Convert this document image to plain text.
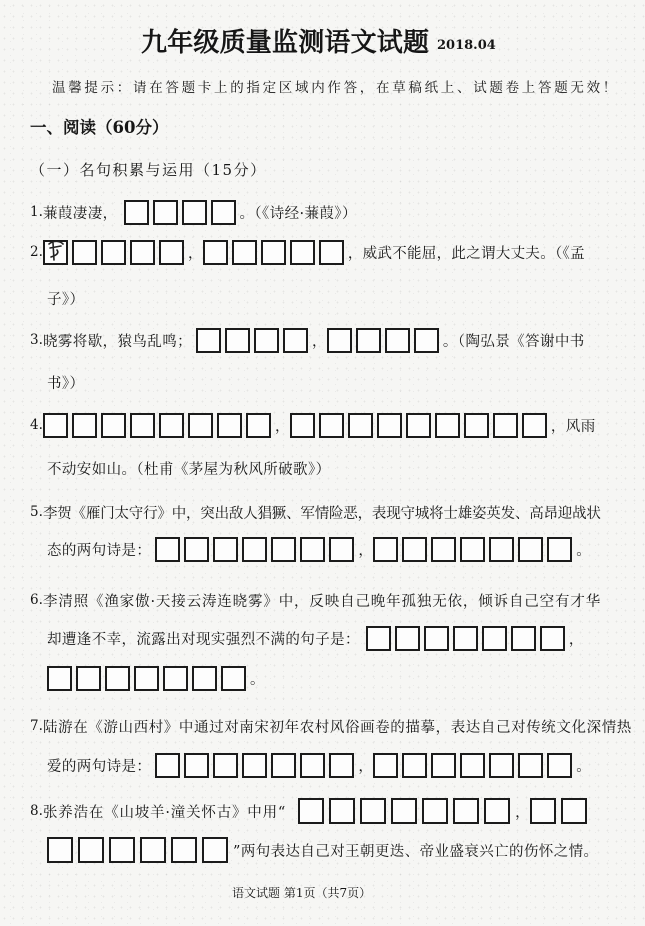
九年级质量监测语文试题 2018.04
温馨提示：请在答题卡上的指定区域内作答，在草稿纸上、试题卷上答题无效！
一、阅读（60分）
（一）名句积累与运用（15分）
1. 蒹葭凄凄，	。（《诗经·蒹葭》）
2.	，	，威武不能屈，此之谓大丈夫。（《孟
子》）
3. 晓雾将歇，猿鸟乱鸣；	，	。（陶弘景《答谢中书
书》）
4.	，	，风雨
不动安如山。（杜甫《茅屋为秋风所破歌》）
5. 李贺《雁门太守行》中，突出敌人猖獗、军情险恶，表现守城将士雄姿英发、高昂迎战状
态的两句诗是：	，	。
6. 李清照《渔家傲·天接云涛连晓雾》中，反映自己晚年孤独无依，倾诉自己空有才华
却遭逢不幸，流露出对现实强烈不满的句子是：	，
。
7. 陆游在《游山西村》中通过对南宋初年农村风俗画卷的描摹，表达自己对传统文化深情热
爱的两句诗是：	，	。
8. 张养浩在《山坡羊·潼关怀古》中用“	，
”两句表达自己对王朝更迭、帝业盛衰兴亡的伤怀之情。
语文试题 第1页（共7页）
